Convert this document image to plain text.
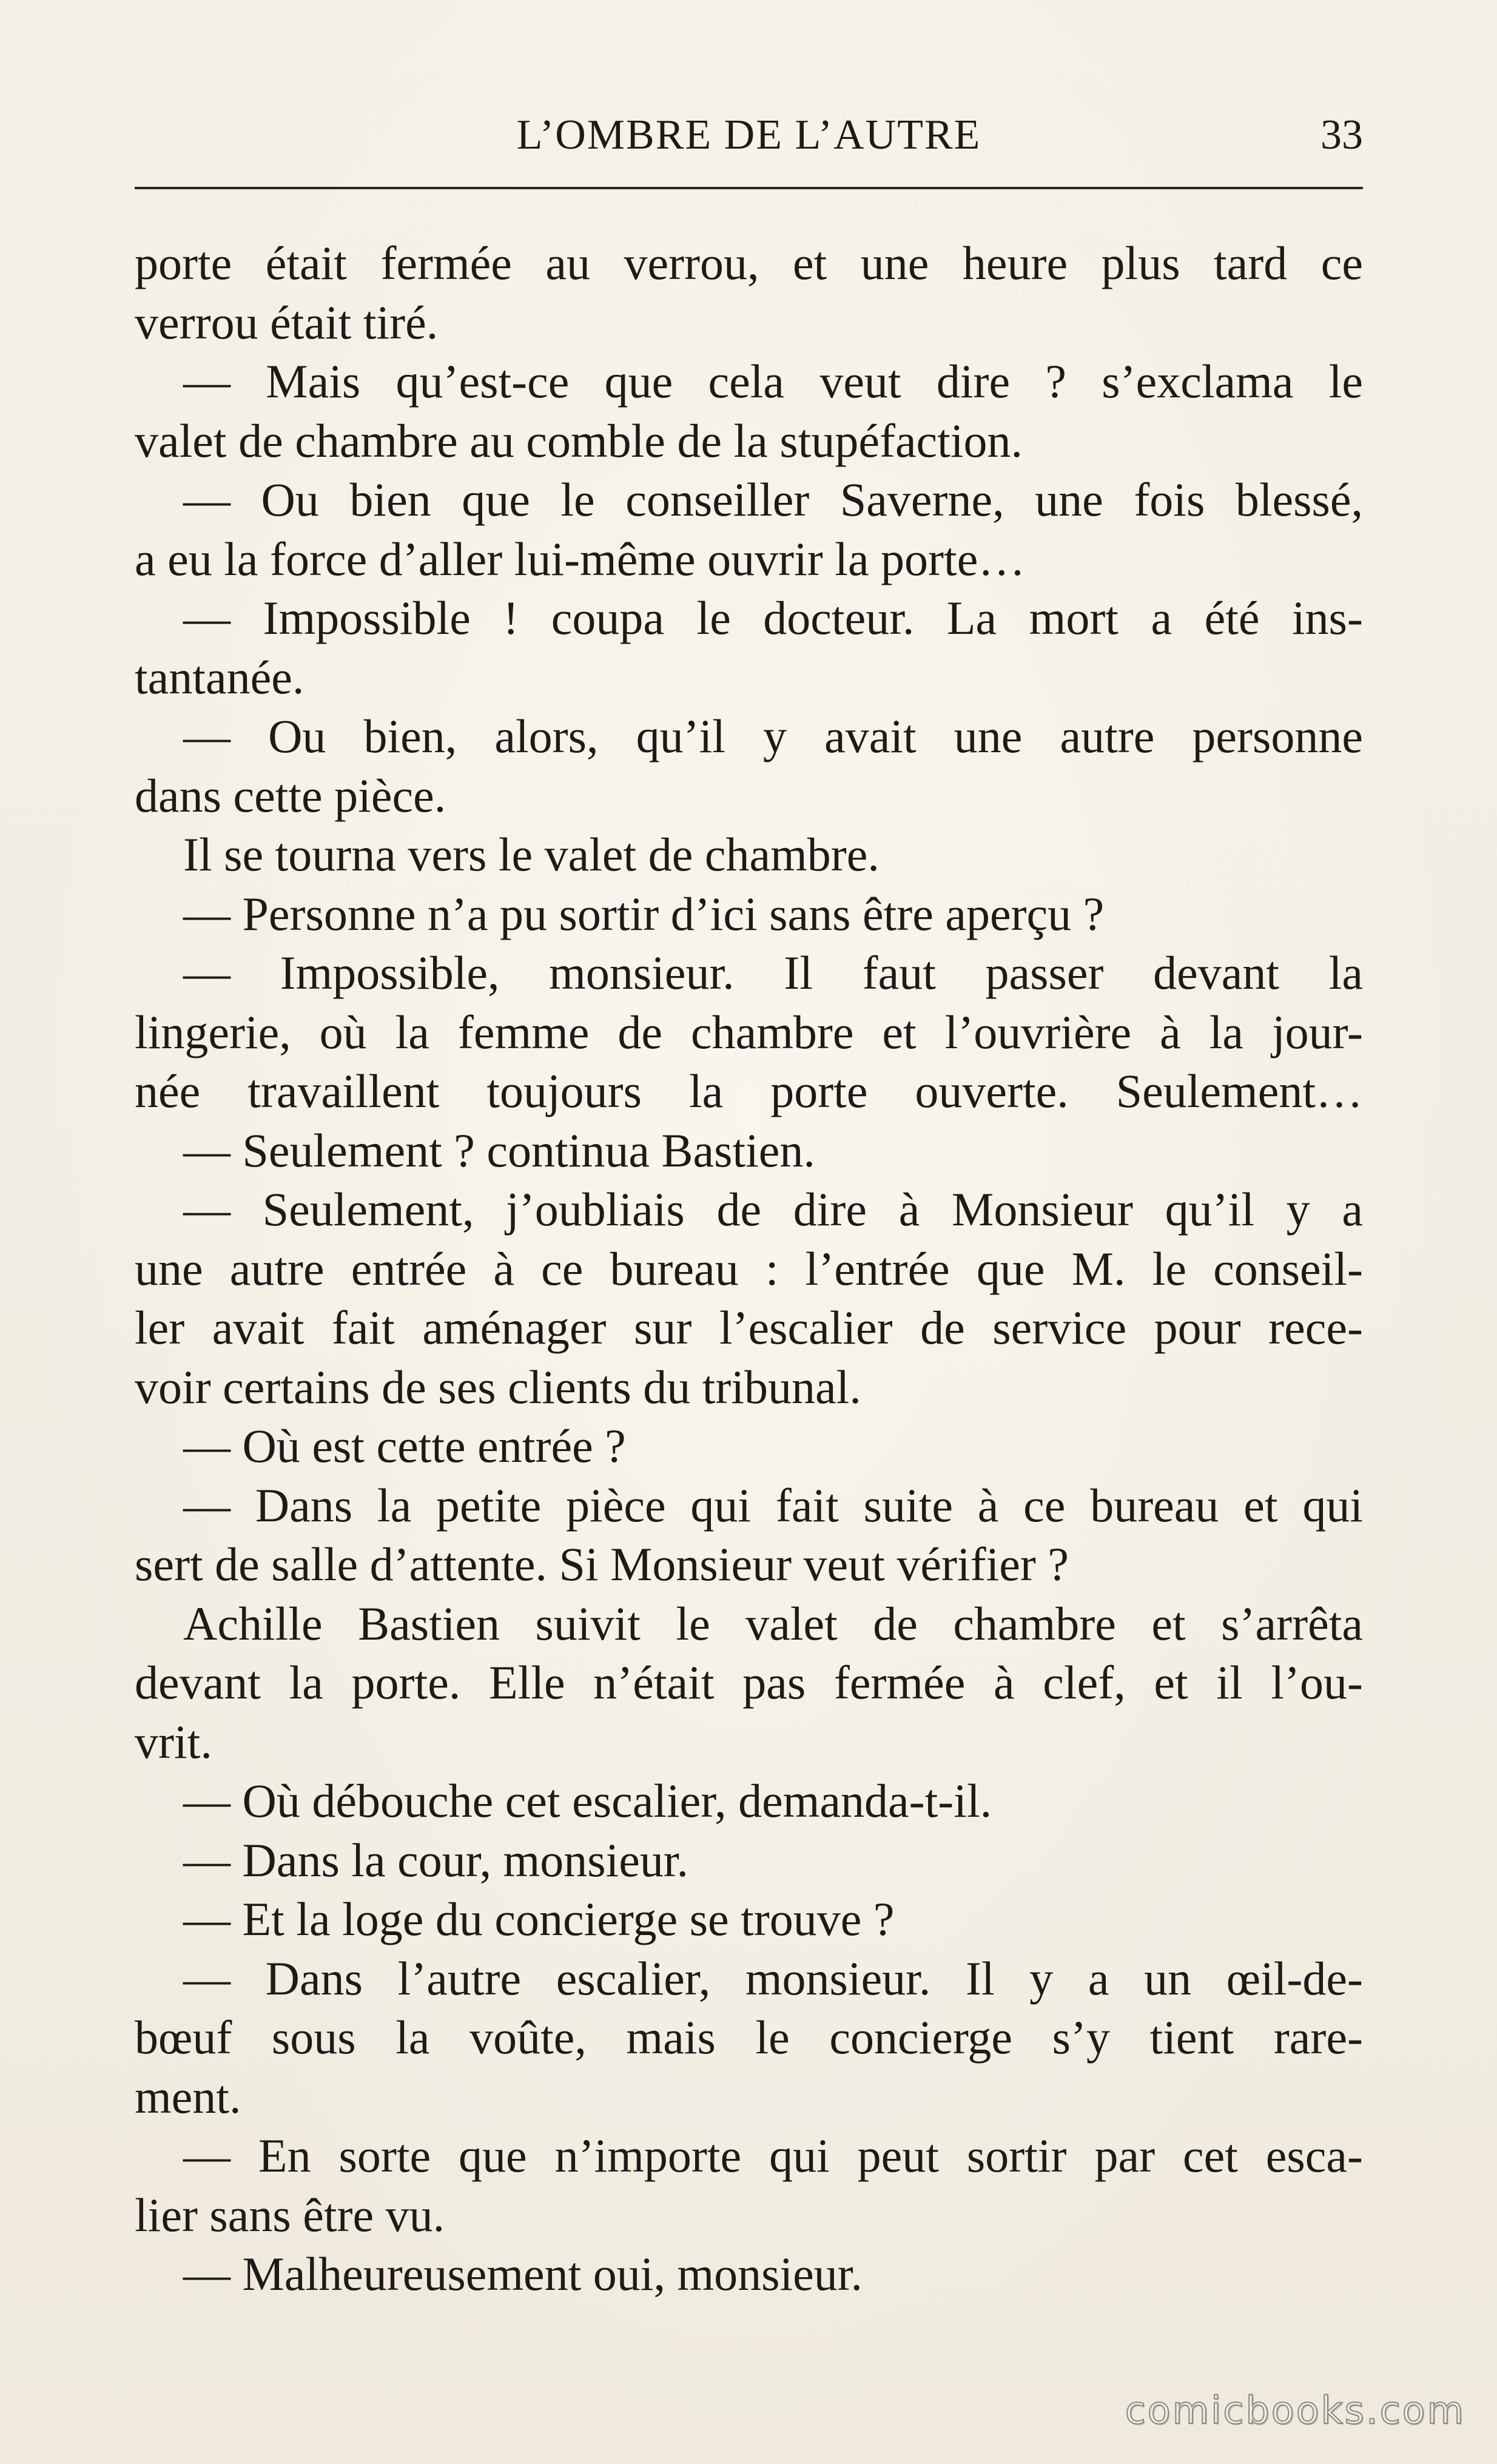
L’OMBRE DE L’AUTRE	33
porte était fermée au verrou, et une heure plus tard ce
verrou était tiré.
— Mais qu’est-ce que cela veut dire ? s’exclama le
valet de chambre au comble de la stupéfaction.
— Ou bien que le conseiller Saverne, une fois blessé,
a eu la force d’aller lui-même ouvrir la porte…
— Impossible ! coupa le docteur. La mort a été ins-
tantanée.
— Ou bien, alors, qu’il y avait une autre personne
dans cette pièce.
Il se tourna vers le valet de chambre.
— Personne n’a pu sortir d’ici sans être aperçu ?
— Impossible, monsieur. Il faut passer devant la
lingerie, où la femme de chambre et l’ouvrière à la jour-
née travaillent toujours la porte ouverte. Seulement…
— Seulement ? continua Bastien.
— Seulement, j’oubliais de dire à Monsieur qu’il y a
une autre entrée à ce bureau : l’entrée que M. le conseil-
ler avait fait aménager sur l’escalier de service pour rece-
voir certains de ses clients du tribunal.
— Où est cette entrée ?
— Dans la petite pièce qui fait suite à ce bureau et qui
sert de salle d’attente. Si Monsieur veut vérifier ?
Achille Bastien suivit le valet de chambre et s’arrêta
devant la porte. Elle n’était pas fermée à clef, et il l’ou-
vrit.
— Où débouche cet escalier, demanda-t-il.
— Dans la cour, monsieur.
— Et la loge du concierge se trouve ?
— Dans l’autre escalier, monsieur. Il y a un œil-de-
bœuf sous la voûte, mais le concierge s’y tient rare-
ment.
— En sorte que n’importe qui peut sortir par cet esca-
lier sans être vu.
— Malheureusement oui, monsieur.
comicbooks.com
